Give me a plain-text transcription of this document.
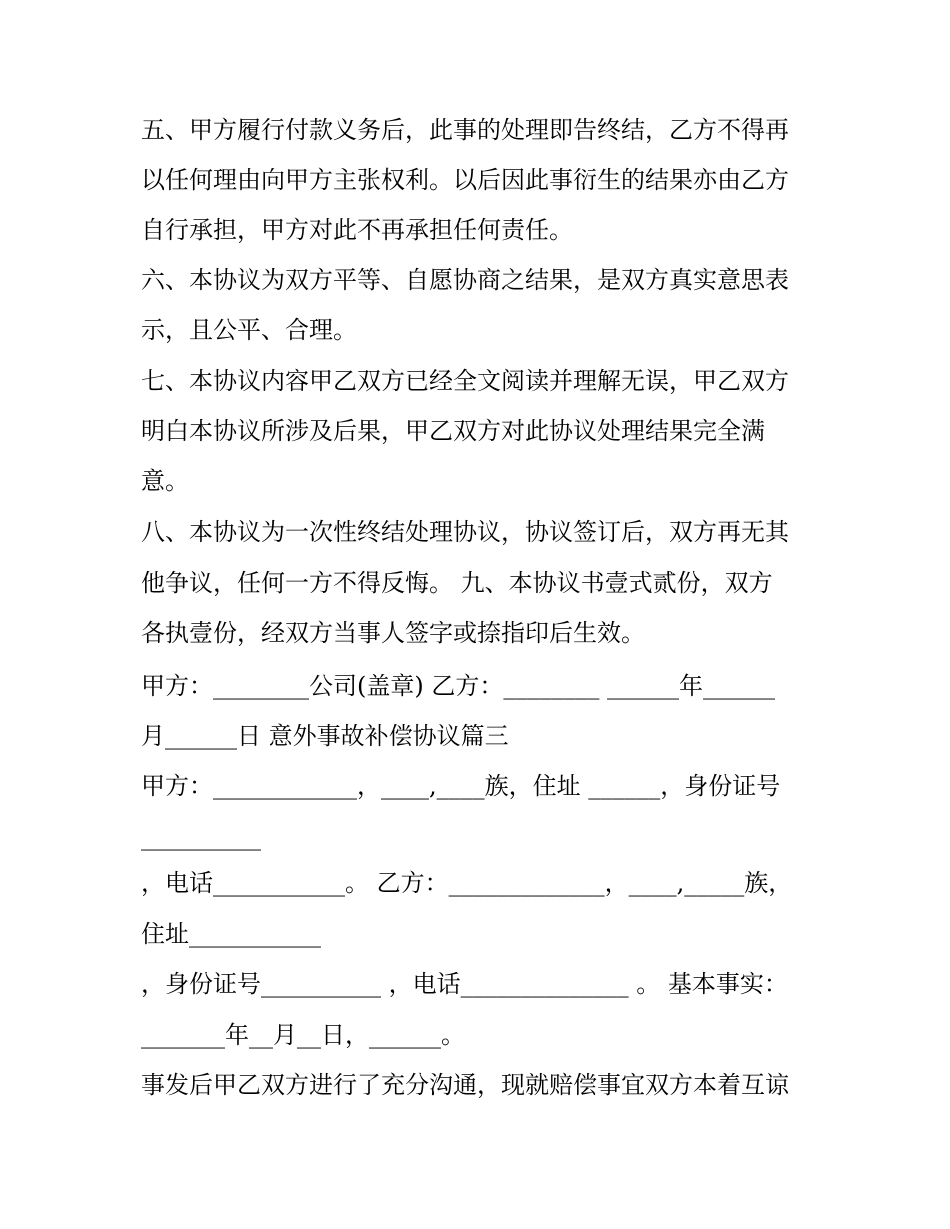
五、甲方履行付款义务后，此事的处理即告终结，乙方不得再
以任何理由向甲方主张权利。以后因此事衍生的结果亦由乙方
自行承担，甲方对此不再承担任何责任。
六、本协议为双方平等、自愿协商之结果，是双方真实意思表
示，且公平、合理。
七、本协议内容甲乙双方已经全文阅读并理解无误，甲乙双方
明白本协议所涉及后果，甲乙双方对此协议处理结果完全满
意。
八、本协议为一次性终结处理协议，协议签订后，双方再无其
他争议，任何一方不得反悔。 九、本协议书壹式贰份，双方
各执壹份，经双方当事人签字或捺指印后生效。
甲方：________公司(盖章) 乙方：________ ______年______
月______日 意外事故补偿协议篇三
甲方：____________，____,____族，住址 ______，身份证号
__________
，电话___________。 乙方：_____________，____,_____族，
住址___________
，身份证号__________ ，电话______________ 。 基本事实：
_______年__月__日，______。
事发后甲乙双方进行了充分沟通，现就赔偿事宜双方本着互谅
